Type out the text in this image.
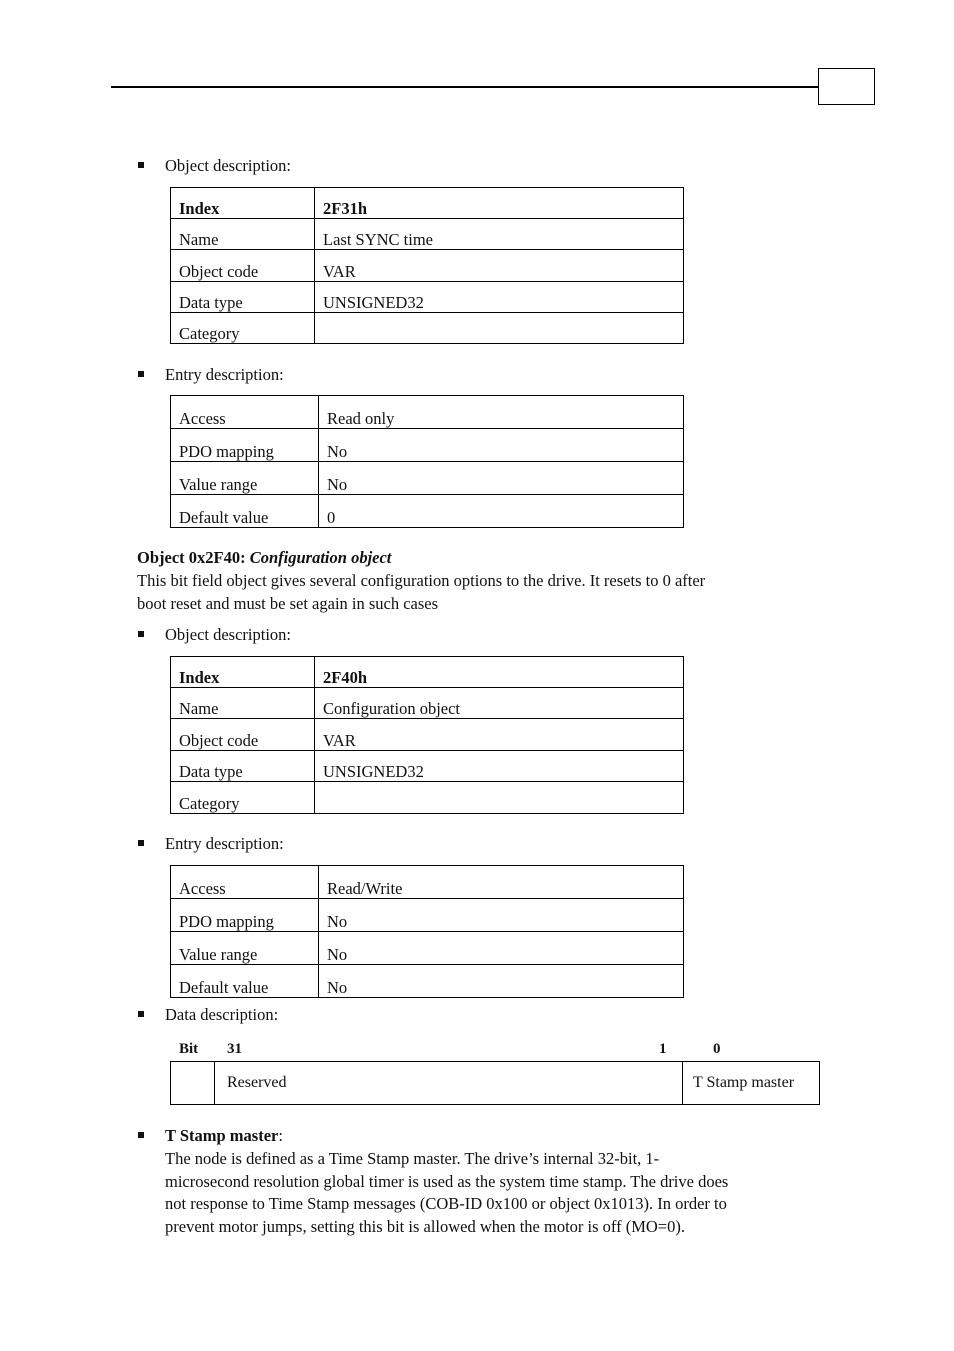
Object description:
Index	2F31h
Name	Last SYNC time
Object code	VAR
Data type	UNSIGNED32
Category	
Entry description:
Access	Read only
PDO mapping	No
Value range	No
Default value	0
Object 0x2F40: Configuration object
This bit field object gives several configuration options to the drive. It resets to 0 after
boot reset and must be set again in such cases
Object description:
Index	2F40h
Name	Configuration object
Object code	VAR
Data type	UNSIGNED32
Category	
Entry description:
Access	Read/Write
PDO mapping	No
Value range	No
Default value	No
Data description:
Bit 31	1	0
	Reserved	T Stamp master
T Stamp master:
The node is defined as a Time Stamp master. The drive’s internal 32-bit, 1-
microsecond resolution global timer is used as the system time stamp. The drive does
not response to Time Stamp messages (COB-ID 0x100 or object 0x1013). In order to
prevent motor jumps, setting this bit is allowed when the motor is off (MO=0).
